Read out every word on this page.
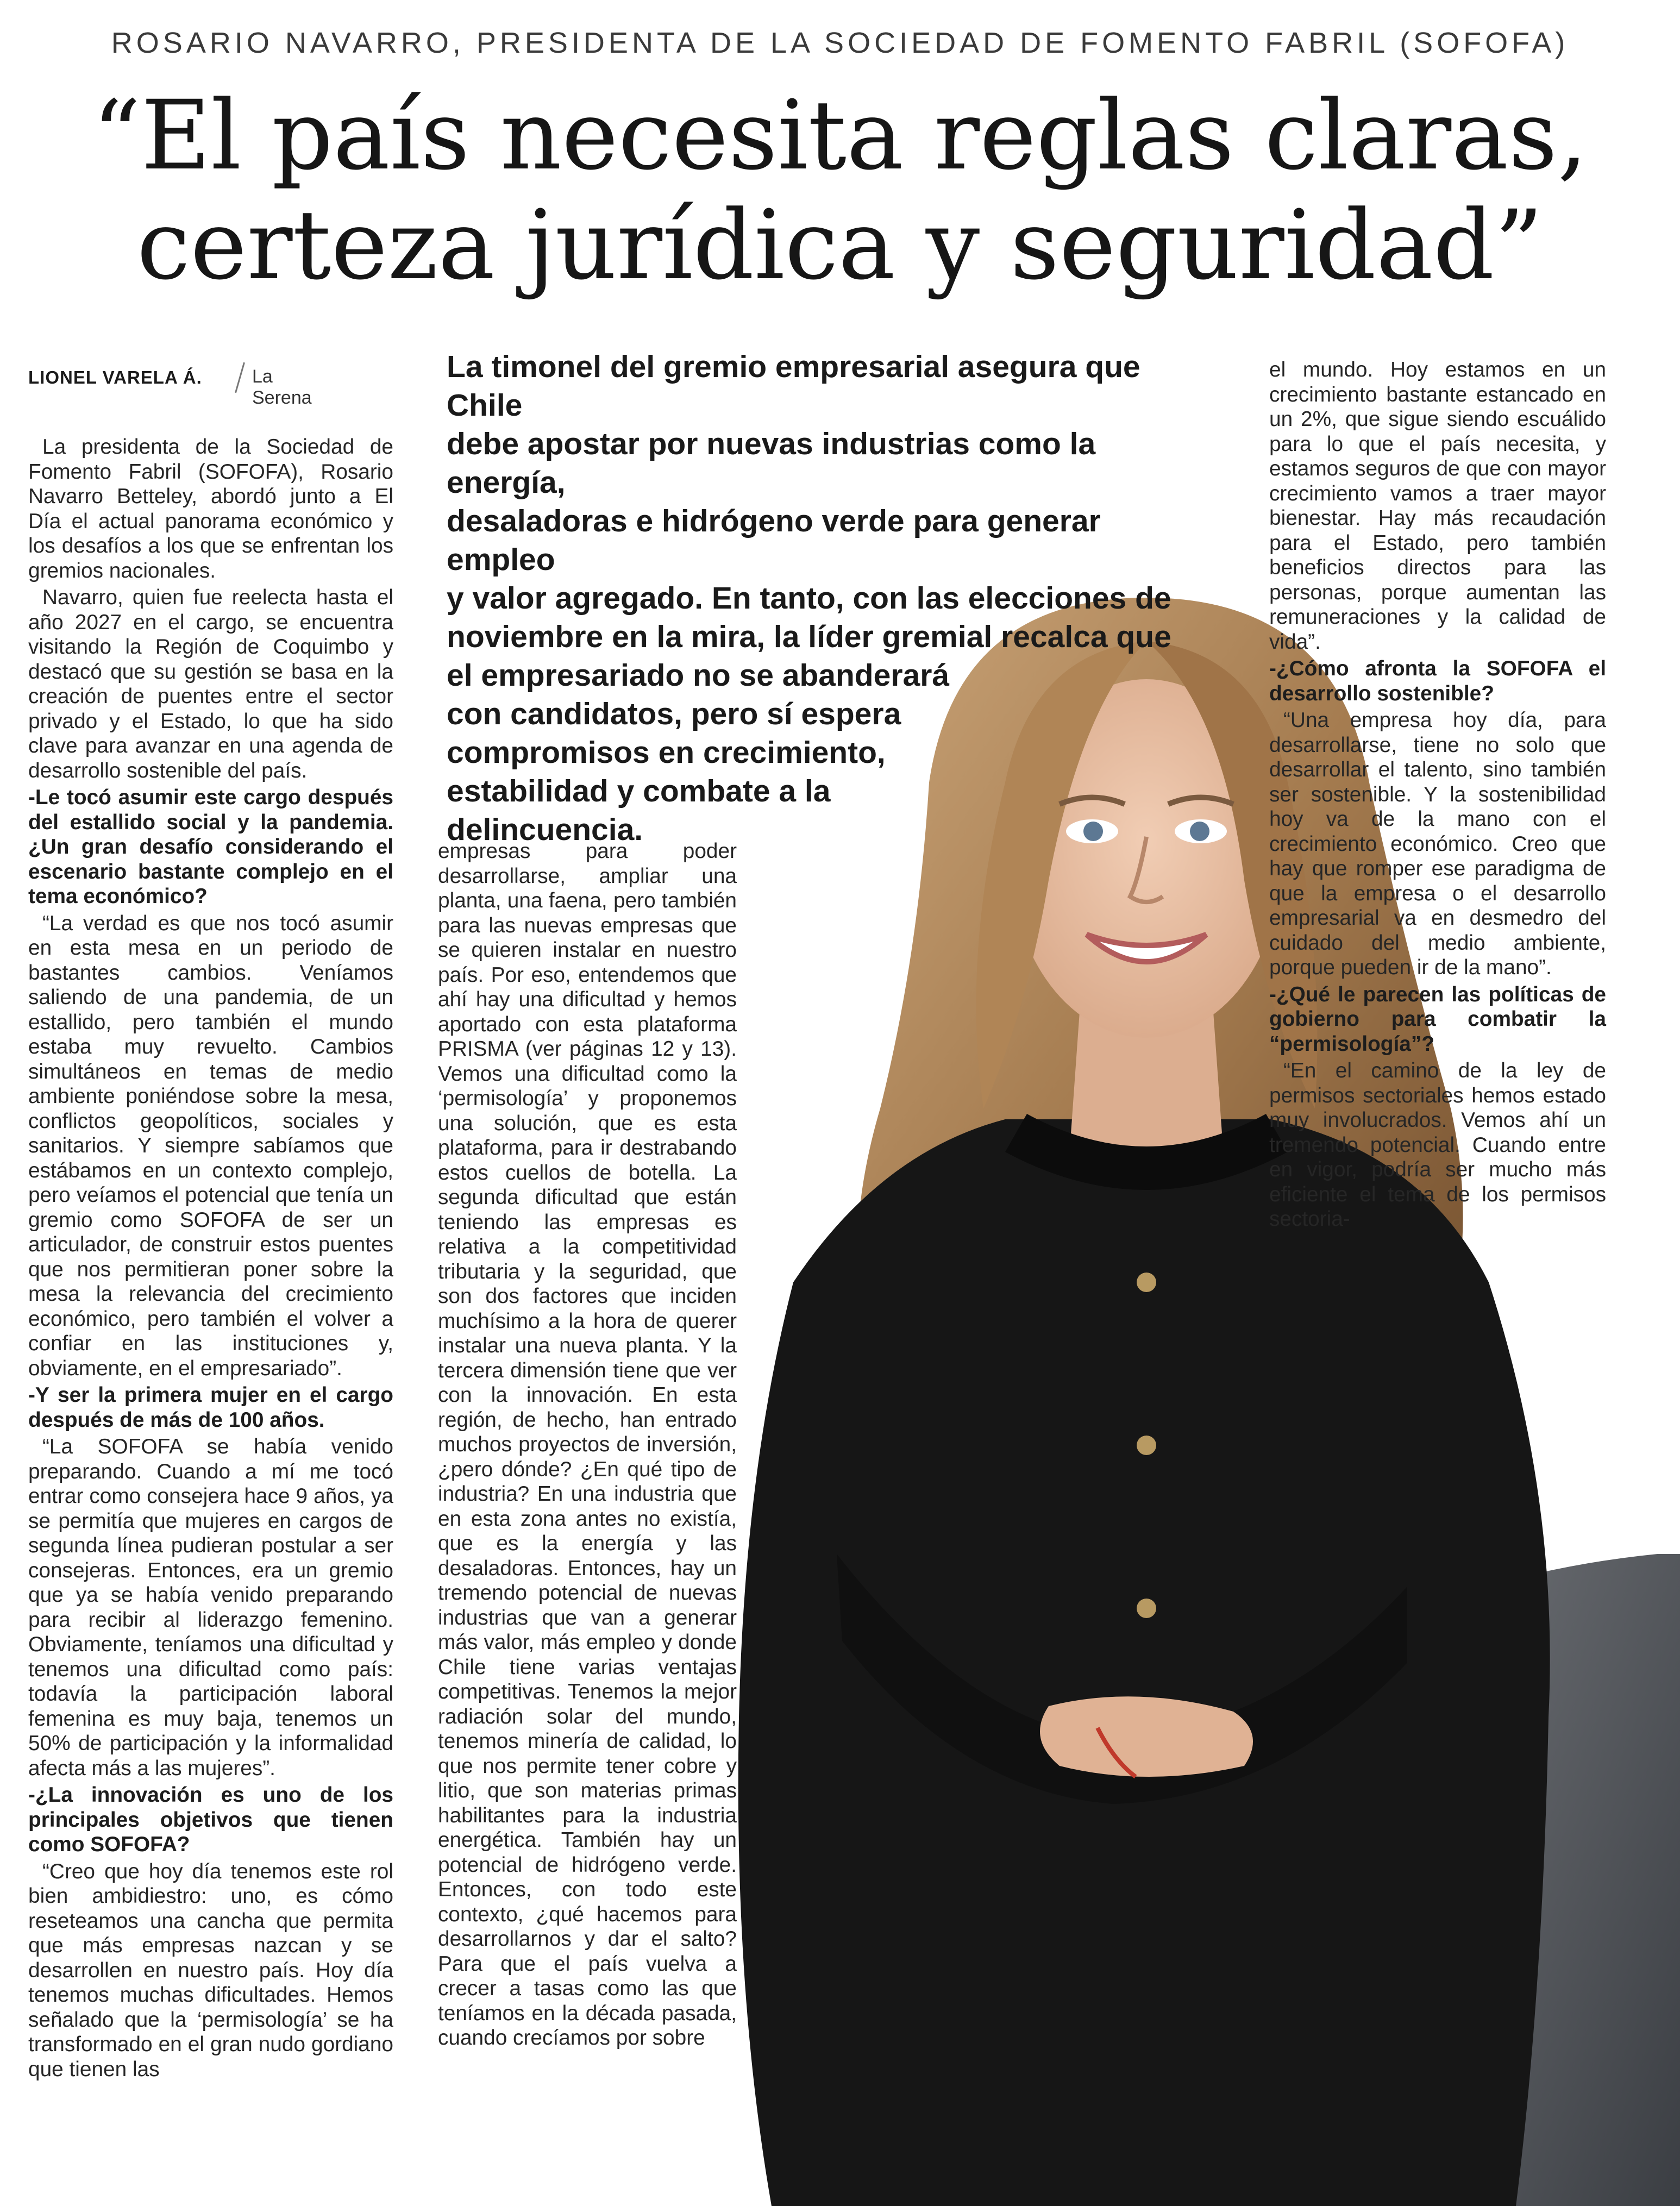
ROSARIO NAVARRO, PRESIDENTA DE LA SOCIEDAD DE FOMENTO FABRIL (SOFOFA)
“El país necesita reglas claras,
certeza jurídica y seguridad”
LIONEL VARELA Á.	La Serena
La timonel del gremio empresarial asegura que Chile
debe apostar por nuevas industrias como la energía,
desaladoras e hidrógeno verde para generar empleo
y valor agregado. En tanto, con las elecciones de
noviembre en la mira, la líder gremial recalca que
el empresariado no se abanderará
con candidatos, pero sí espera
compromisos en crecimiento,
estabilidad y combate a la
delincuencia.

La presidenta de la Sociedad de Fomento Fabril (SOFOFA), Rosario Navarro Betteley, abordó junto a El Día el actual panorama económico y los desafíos a los que se enfrentan los gremios nacionales.

Navarro, quien fue reelecta hasta el año 2027 en el cargo, se encuentra visitando la Región de Coquimbo y destacó que su gestión se basa en la creación de puentes entre el sector privado y el Estado, lo que ha sido clave para avanzar en una agenda de desarrollo sostenible del país.

-Le tocó asumir este cargo después del estallido social y la pandemia. ¿Un gran desafío considerando el escenario bastante complejo en el tema económico?

“La verdad es que nos tocó asumir en esta mesa en un periodo de bastantes cambios. Veníamos saliendo de una pandemia, de un estallido, pero también el mundo estaba muy revuelto. Cambios simultáneos en temas de medio ambiente poniéndose sobre la mesa, conflictos geopolíticos, sociales y sanitarios. Y siempre sabíamos que estábamos en un contexto complejo, pero veíamos el potencial que tenía un gremio como SOFOFA de ser un articulador, de construir estos puentes que nos permitieran poner sobre la mesa la relevancia del crecimiento económico, pero también el volver a confiar en las instituciones y, obviamente, en el empresariado”.

-Y ser la primera mujer en el cargo después de más de 100 años.

“La SOFOFA se había venido preparando. Cuando a mí me tocó entrar como consejera hace 9 años, ya se permitía que mujeres en cargos de segunda línea pudieran postular a ser consejeras. Entonces, era un gremio que ya se había venido preparando para recibir al liderazgo femenino. Obviamente, teníamos una dificultad y tenemos una dificultad como país: todavía la participación laboral femenina es muy baja, tenemos un 50% de participación y la informalidad afecta más a las mujeres”.

-¿La innovación es uno de los principales objetivos que tienen como SOFOFA?

“Creo que hoy día tenemos este rol bien ambidiestro: uno, es cómo reseteamos una cancha que permita que más empresas nazcan y se desarrollen en nuestro país. Hoy día tenemos muchas dificultades. Hemos señalado que la ‘permisología’ se ha transformado en el gran nudo gordiano que tienen las

empresas para poder desarrollarse, ampliar una planta, una faena, pero también para las nuevas empresas que se quieren instalar en nuestro país. Por eso, entendemos que ahí hay una dificultad y hemos aportado con esta plataforma PRISMA (ver páginas 12 y 13). Vemos una dificultad como la ‘permisología’ y proponemos una solución, que es esta plataforma, para ir destrabando estos cuellos de botella. La segunda dificultad que están teniendo las empresas es relativa a la competitividad tributaria y la seguridad, que son dos factores que inciden muchísimo a la hora de querer instalar una nueva planta. Y la tercera dimensión tiene que ver con la innovación. En esta región, de hecho, han entrado muchos proyectos de inversión, ¿pero dónde? ¿En qué tipo de industria? En una industria que en esta zona antes no existía, que es la energía y las desaladoras. Entonces, hay un tremendo potencial de nuevas industrias que van a generar más valor, más empleo y donde Chile tiene varias ventajas competitivas. Tenemos la mejor radiación solar del mundo, tenemos minería de calidad, lo que nos permite tener cobre y litio, que son materias primas habilitantes para la industria energética. También hay un potencial de hidrógeno verde. Entonces, con todo este contexto, ¿qué hacemos para desarrollarnos y dar el salto? Para que el país vuelva a crecer a tasas como las que teníamos en la década pasada, cuando crecíamos por sobre

el mundo. Hoy estamos en un crecimiento bastante estancado en un 2%, que sigue siendo escuálido para lo que el país necesita, y estamos seguros de que con mayor crecimiento vamos a traer mayor bienestar. Hay más recaudación para el Estado, pero también beneficios directos para las personas, porque aumentan las remuneraciones y la calidad de vida”.

-¿Cómo afronta la SOFOFA el desarrollo sostenible?

“Una empresa hoy día, para desarrollarse, tiene no solo que desarrollar el talento, sino también ser sostenible. Y la sostenibilidad hoy va de la mano con el crecimiento económico. Creo que hay que romper ese paradigma de que la empresa o el desarrollo empresarial va en desmedro del cuidado del medio ambiente, porque pueden ir de la mano”.

-¿Qué le parecen las políticas de gobierno para combatir la “permisología”?

“En el camino de la ley de permisos sectoriales hemos estado muy involucrados. Vemos ahí un tremendo potencial. Cuando entre en vigor, podría ser mucho más eficiente el tema de los permisos sectoria-
